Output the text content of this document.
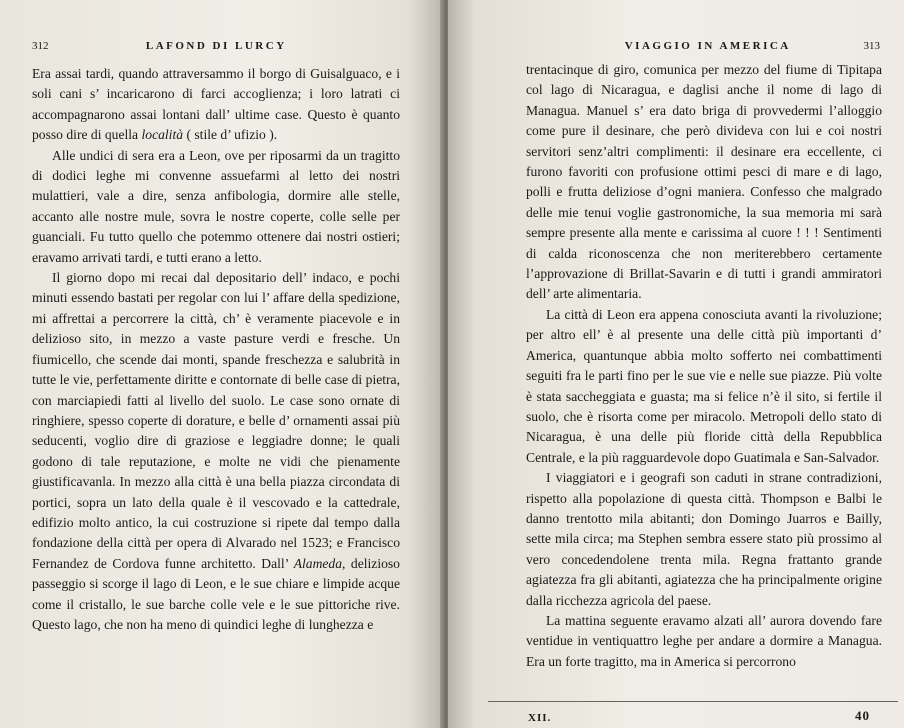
312	LAFOND DI LURCY

Era assai tardi, quando attraversammo il borgo di Guisalguaco, e i soli cani s’ incaricarono di farci accoglienza; i loro latrati ci accompagnarono assai lontani dall’ ultime case. Questo è quanto posso dire di quella località ( stile d’ ufizio ).

Alle undici di sera era a Leon, ove per riposarmi da un tragitto di dodici leghe mi convenne assuefarmi al letto dei nostri mulattieri, vale a dire, senza anfibologia, dormire alle stelle, accanto alle nostre mule, sovra le nostre coperte, colle selle per guanciali. Fu tutto quello che potemmo ottenere dai nostri ostieri; eravamo arrivati tardi, e tutti erano a letto.

Il giorno dopo mi recai dal depositario dell’ indaco, e pochi minuti essendo bastati per regolar con lui l’ affare della spedizione, mi affrettai a percorrere la città, ch’ è veramente piacevole e in delizioso sito, in mezzo a vaste pasture verdi e fresche. Un fiumicello, che scende dai monti, spande freschezza e salubrità in tutte le vie, perfettamente diritte e contornate di belle case di pietra, con marciapiedi fatti al livello del suolo. Le case sono ornate di ringhiere, spesso coperte di dorature, e belle d’ ornamenti assai più seducenti, voglio dire di graziose e leggiadre donne; le quali godono di tale reputazione, e molte ne vidi che pienamente giustificavanla. In mezzo alla città è una bella piazza circondata di portici, sopra un lato della quale è il vescovado e la cattedrale, edifizio molto antico, la cui costruzione si ripete dal tempo dalla fondazione della città per opera di Alvarado nel 1523; e Francisco Fernandez de Cordova funne architetto. Dall’ Alameda, delizioso passeggio si scorge il lago di Leon, e le sue chiare e limpide acque come il cristallo, le sue barche colle vele e le sue pittoriche rive. Questo lago, che non ha meno di quindici leghe di lunghezza e

VIAGGIO IN AMERICA	313

trentacinque di giro, comunica per mezzo del fiume di Tipitapa col lago di Nicaragua, e daglisi anche il nome di lago di Managua. Manuel s’ era dato briga di provvedermi l’alloggio come pure il desinare, che però divideva con lui e coi nostri servitori senz’altri complimenti: il desinare era eccellente, ci furono favoriti con profusione ottimi pesci di mare e di lago, polli e frutta deliziose d’ogni maniera. Confesso che malgrado delle mie tenui voglie gastronomiche, la sua memoria mi sarà sempre presente alla mente e carissima al cuore ! ! ! Sentimenti di calda riconoscenza che non meriterebbero certamente l’approvazione di Brillat-Savarin e di tutti i grandi ammiratori dell’ arte alimentaria.

La città di Leon era appena conosciuta avanti la rivoluzione; per altro ell’ è al presente una delle città più importanti d’ America, quantunque abbia molto sofferto nei combattimenti seguiti fra le parti fino per le sue vie e nelle sue piazze. Più volte è stata saccheggiata e guasta; ma si felice n’è il sito, si fertile il suolo, che è risorta come per miracolo. Metropoli dello stato di Nicaragua, è una delle più floride città della Repubblica Centrale, e la più ragguardevole dopo Guatimala e San-Salvador.

I viaggiatori e i geografi son caduti in strane contradizioni, rispetto alla popolazione di questa città. Thompson e Balbi le danno trentotto mila abitanti; don Domingo Juarros e Bailly, sette mila circa; ma Stephen sembra essere stato più prossimo al vero concedendolene trenta mila. Regna frattanto grande agiatezza fra gli abitanti, agiatezza che ha principalmente origine dalla ricchezza agricola del paese.

La mattina seguente eravamo alzati all’ aurora dovendo fare ventidue in ventiquattro leghe per andare a dormire a Managua. Era un forte tragitto, ma in America si percorrono

XII.	40
